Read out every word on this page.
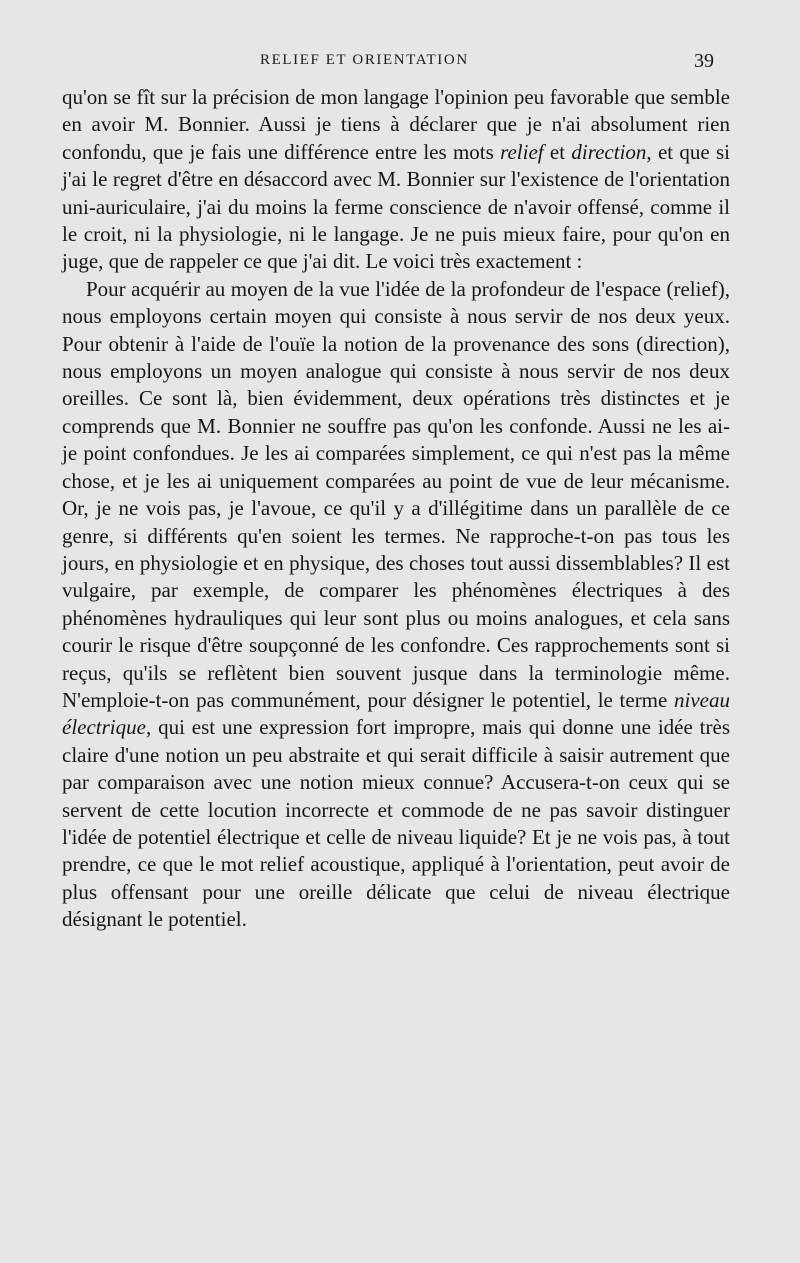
RELIEF ET ORIENTATION	39

qu'on se fît sur la précision de mon langage l'opinion peu favorable que semble en avoir M. Bonnier. Aussi je tiens à déclarer que je n'ai absolument rien confondu, que je fais une différence entre les mots relief et direction, et que si j'ai le regret d'être en désaccord avec M. Bonnier sur l'existence de l'orientation uni-auriculaire, j'ai du moins la ferme conscience de n'avoir offensé, comme il le croit, ni la physiologie, ni le langage. Je ne puis mieux faire, pour qu'on en juge, que de rappeler ce que j'ai dit. Le voici très exactement :

Pour acquérir au moyen de la vue l'idée de la profondeur de l'espace (relief), nous employons certain moyen qui consiste à nous servir de nos deux yeux. Pour obtenir à l'aide de l'ouïe la notion de la provenance des sons (direction), nous employons un moyen analogue qui consiste à nous servir de nos deux oreilles. Ce sont là, bien évidemment, deux opérations très distinctes et je comprends que M. Bonnier ne souffre pas qu'on les confonde. Aussi ne les ai-je point confondues. Je les ai comparées simplement, ce qui n'est pas la même chose, et je les ai uniquement comparées au point de vue de leur mécanisme. Or, je ne vois pas, je l'avoue, ce qu'il y a d'illégitime dans un parallèle de ce genre, si différents qu'en soient les termes. Ne rapproche-t-on pas tous les jours, en physiologie et en physique, des choses tout aussi dissemblables? Il est vulgaire, par exemple, de comparer les phénomènes électriques à des phénomènes hydrauliques qui leur sont plus ou moins analogues, et cela sans courir le risque d'être soupçonné de les confondre. Ces rapprochements sont si reçus, qu'ils se reflètent bien souvent jusque dans la terminologie même. N'emploie-t-on pas communément, pour désigner le potentiel, le terme niveau électrique, qui est une expression fort impropre, mais qui donne une idée très claire d'une notion un peu abstraite et qui serait difficile à saisir autrement que par comparaison avec une notion mieux connue? Accusera-t-on ceux qui se servent de cette locution incorrecte et commode de ne pas savoir distinguer l'idée de potentiel électrique et celle de niveau liquide? Et je ne vois pas, à tout prendre, ce que le mot relief acoustique, appliqué à l'orientation, peut avoir de plus offensant pour une oreille délicate que celui de niveau électrique désignant le potentiel.
